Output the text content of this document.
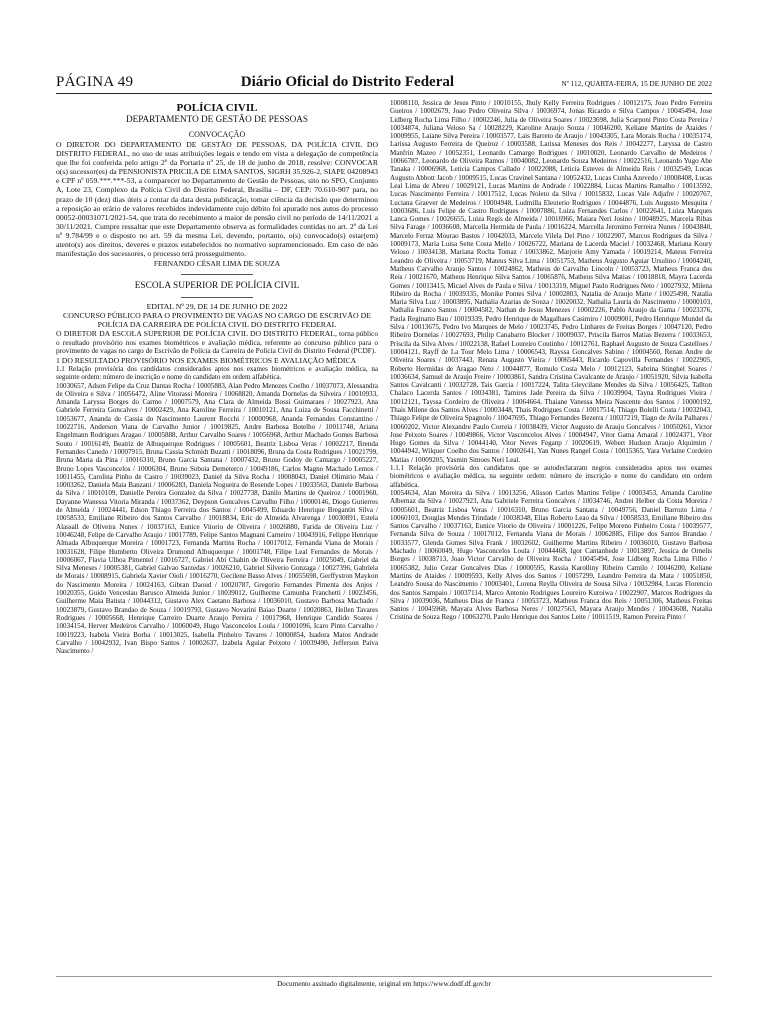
PÁGINA 49	Diário Oficial do Distrito Federal	Nº 112, QUARTA-FEIRA, 15 DE JUNHO DE 2022
POLÍCIA CIVIL
DEPARTAMENTO DE GESTÃO DE PESSOAS
CONVOCAÇÃO

O DIRETOR DO DEPARTAMENTO DE GESTÃO DE PESSOAS, DA POLÍCIA CIVIL DO DISTRITO FEDERAL, no uso de suas atribuições legais e tendo em vista a delegação de competência que lhe foi conferida pelo artigo 2º da Portaria nº 25, de 18 de junho de 2018, resolve: CONVOCAR o(s) sucessor(es) da PENSIONISTA PRICILA DE LIMA SANTOS, SIGRH 35.926-2, SIAPE 04208943 e CPF nº 059.***.***-53, a comparecer no Departamento de Gestão de Pessoas, sito no SPO, Conjunto A, Lote 23, Complexo da Polícia Civil do Distrito Federal, Brasília – DF, CEP: 70.610-907 para, no prazo de 10 (dez) dias úteis a contar da data desta publicação, tomar ciência da decisão que determinou a reposição ao erário de valores recebidos indevidamente cujo débito foi apurado nos autos do processo 00052-00031071/2021-54, que trata do recebimento a maior de pensão civil no período de 14/11/2021 a 30/11/2021. Cumpre ressaltar que este Departamento observa as formalidades contidas no art. 2º da Lei nº 9.784/99 e o disposto no art. 59 da mesma Lei, devendo, portanto, o(s) convocado(s) estar(em) atento(s) aos direitos, deveres e prazos estabelecidos no normativo supramencionado. Em caso de não manifestação dos sucessores, o processo terá prosseguimento.

FERNANDO CÉSAR LIMA DE SOUZA
ESCOLA SUPERIOR DE POLÍCIA CIVIL
EDITAL Nº 29, DE 14 DE JUNHO DE 2022
CONCURSO PÚBLICO PARA O PROVIMENTO DE VAGAS NO CARGO DE ESCRIVÃO DE POLÍCIA DA CARREIRA DE POLÍCIA CIVIL DO DISTRITO FEDERAL

O DIRETOR DA ESCOLA SUPERIOR DE POLÍCIA CIVIL DO DISTRITO FEDERAL, torna público o resultado provisório nos exames biométricos e avaliação médica, referente ao concurso público para o provimento de vagas no cargo de Escrivão de Polícia da Carreira de Polícia Civil do Distrito Federal (PCDF).

1 DO RESULTADO PROVISÓRIO NOS EXAMES BIOMÉTRICOS E AVALIAÇÃO MÉDICA

1.1 Relação provisória dos candidatos considerados aptos nos exames biométricos e avaliação médica, na seguinte ordem: número de inscrição e nome do candidato em ordem alfabética.

10030657, Adson Felipe da Cruz Dantas Rocha / 10005883, Alan Pedro Menezes Coelho / 10037073, Alessandra de Oliveira e Silva / 10056472, Aline Vitorassi Moreira / 10068820, Amanda Dornelas da Silveira / 10010933, Amanda Laryssa Borges do Carmo / 10007579, Ana Clara de Almeida Bossi Guimaraes / 10027923, Ana Gabriele Ferreira Goncalves / 10002429, Ana Karoline Ferreira / 10010121, Ana Luiza de Sousa Facchinetti / 10053677, Ananda de Cassia do Nascimento Laurent Rocchi / 10000968, Ananda Fernandes Constantino / 10022716, Anderson Viana de Carvalho Junior / 10019825, Andre Barbosa Botelho / 10011748, Ariana Engelmann Rodrigues Aragao / 10005888, Arthur Carvalho Soares / 10056968, Arthur Machado Gomes Barbosa Souto / 10016149, Beatriz de Albuquerque Rodrigues / 10005601, Beatriz Lisboa Veras / 10002217, Brenda Fernandes Canedo / 10007915, Bruna Cassia Schmidt Buzatti / 10018096, Bruna da Costa Rodrigues / 10021799, Bruna Maria da Pina / 10016310, Bruno Garcia Santana / 10007432, Bruno Godoy de Camargo / 10005227, Bruno Lopes Vasconcelos / 10006304, Bruno Soboia Demeterco / 10049186, Carlos Magno Machado Lemos / 10011455, Carolina Pinho de Castro / 10039023, Daniel da Silva Rocha / 10008043, Daniel Olimirio Maia / 10003262, Daniela Maia Banzani / 10006283, Daniela Nogueira de Resende Lopes / 10033563, Daniele Barbosa da Silva / 10010109, Danielle Pereira Gonzalez da Silva / 10027738, Danilo Martins de Queiroz / 10001960, Dayanne Wanessa Vitoria Miranda / 10037362, Deypson Goncalves Carvalho Filho / 10000146, Diogo Gutierres de Almeida / 10024441, Edson Thiago Ferreira dos Santos / 10045499, Eduardo Henrique Bregantin Silva / 10058533, Emiliane Ribeiro dos Santos Carvalho / 10018834, Eric de Almeida Alvarenga / 10030891, Estela Alassall de Oliveira Nunes / 10037163, Eunice Vitorio de Oliveira / 10026880, Farida de Oliveira Luz / 10046248, Felipe de Carvalho Araujo / 10017789, Felipe Santos Magnani Carneiro / 10043916, Felippe Henrique Almada Albuquerque Moreira / 10001723, Fernanda Martins Rocha / 10017012, Fernanda Viana de Morais / 10031628, Filipe Humberto Oliveira Drumond Albuquerque / 10001748, Filipe Leal Fernandes de Morais / 10006067, Flavia Ulhoa Pimentel / 10016727, Gabriel Abi Chahin de Oliveira Ferreira / 10025049, Gabriel da Silva Meneses / 10005381, Gabriel Galvao Sarzedas / 10026210, Gabriel Silverio Gonzaga / 10027396, Gabriela de Morais / 10008915, Gabriela Xavier Oioli / 10016270, Gecilene Basso Alves / 10055698, Gerffystron Maykon do Nascimento Moreira / 10024163, Gibran Daoud / 10020787, Gregorio Fernandes Pimenta dos Anjos / 10020355, Guido Venceslau Barusco Almeida Junior / 10039012, Guilherme Camunha Franchetti / 10023456, Guilherme Maia Batista / 10044312, Gustavo Alex Caetano Barbosa / 10036010, Gustavo Barbosa Machado / 10023879, Gustavo Brandao de Souza / 10019793, Gustavo Novarini Baiao Duarte / 10020863, Hellen Tavares Rodrigues / 10005668, Henrique Carreiro Duarte Araujo Pereira / 10017968, Henrique Candido Soares / 10034154, Herver Medeiros Carvalho / 10060049, Hugo Vasconcelos Loula / 10001096, Icaro Pinto Carvalho / 10019223, Isabela Vieira Borba / 10013025, Isabella Pinheiro Tavares / 10000854, Isadora Matos Andrade Carvalho / 10042932, Ivan Bispo Santos / 10002637, Izabela Aguiar Peixoto / 10039490, Jefferson Paiva Nascimento /

10008110, Jessica de Jesus Pinto / 10010155, Jhuly Kelly Ferreira Rodrigues / 10012175, Joao Pedro Ferreira Gueiros / 10002679, Joao Pedro Oliveira Silva / 10036974, Jonas Ricardo e Silva Campos / 10045494, Jose Lidberg Rocha Lima Filho / 10002246, Julia de Oliveira Soares / 10023698, Julia Scarponi Pinto Costa Pereira / 10034874, Juliana Veloso Sa / 10028229, Karoline Araujo Souza / 10046200, Keliane Martins de Ataides / 10009955, Laiane Silva Pereira / 10003577, Lais Barreto de Araujo / 10043305, Lara Morais Rocha / 10035174, Larissa Augusto Ferreira de Queiroz / 10003588, Larissa Meneses dos Reis / 10042277, Laryssa de Castro Manfrin Mazeo / 10052351, Leonardo Camargo Rodrigues / 10010020, Leonardo Carvalho de Medeiros / 10066787, Leonardo de Oliveira Ramos / 10040082, Leonardo Souza Medeiros / 10022516, Leonardo Yugo Abe Tanaka / 10006968, Leticia Campos Callado / 10022088, Leticia Esteves de Almeida Reis / 10032549, Lucas Augusto Abbott Jacob / 10009515, Lucas Cravinel Santana / 10052432, Lucas Cunha Azevedo / 10008408, Lucas Leal Lima de Abreu / 10029121, Lucas Martins de Andrade / 10022884, Lucas Martins Ramalho / 10013592, Lucas Nascimento Ferreira / 10017512, Lucas Noleto da Silva / 10015832, Lucas Vale Adjafre / 10020767, Luciana Graever de Medeiros / 10004948, Ludmilla Eleuterio Rodrigues / 10044876, Luis Augusto Mesquita / 10003686, Luis Felipe de Castro Rodrigues / 10007886, Luiza Fernandes Carlos / 10022641, Luiza Marques Lanca Gomes / 10026655, Luiza Regis de Almeida / 10016966, Maiara Neri Josino / 10048925, Marcela Ribas Silva Farage / 10036608, Marcella Hermida de Paula / 10016224, Marcella Jeronimo Ferreira Nunes / 10043840, Marcelo Ferraz Mourao Bastos / 10042033, Marcelo Vilela Del Pino / 10022907, Marcos Rodrigues da Silva / 10009173, Maria Luisa Sette Costa Mello / 10026722, Mariana de Lacerda Maciel / 10032468, Mariana Koury Veloso / 10034138, Mariana Rocha Tomaz / 10033862, Marjorie Amy Yamada / 10019214, Mateus Ferreira Leandro de Oliveira / 10053719, Mateus Silva Lima / 10051753, Matheus Augusto Aguiar Ursulino / 10004240, Matheus Carvalho Araujo Santos / 10024862, Matheus de Carvalho Lincoln / 10053723, Matheus Franca dos Reis / 10021670, Matheus Henrique Silva Santos / 10065876, Matheus Silva Matias / 10018818, Mayra Lacerda Gomes / 10013415, Micael Alves de Paula e Silva / 10013319, Miguel Paulo Rodrigues Neto / 10027932, Milena Ribeiro da Rocha / 10039335, Monike Pontes Silva / 10002803, Natalia de Araujo Matte / 10025498, Natalia Maria Silva Luz / 10003895, Nathalia Azarias de Souza / 10020032, Nathalia Lauria do Nascimento / 10000103, Nathalia Franco Santos / 10004582, Nathan de Jesus Menezes / 10002226, Pablo Araujo da Gama / 10023376, Paula Reginatto Bau / 10019339, Pedro Henrique de Magalhaes Casimiro / 10009001, Pedro Henrique Mundel da Silva / 10013675, Pedro Ivo Marques de Melo / 10023745, Pedro Linhares de Freitas Borges / 10047120, Pedro Ribeiro Dornelas / 10027693, Philip Canabarro Blocker / 10009037, Priscila Barros Matias Bezerra / 10033653, Priscila da Silva Alves / 10022138, Rafael Loureiro Coutinho / 10012761, Raphael Augusto de Souza Castelloes / 10004121, Rayff de La Tour Melo Lima / 10006543, Rayssa Goncalves Sabino / 10004560, Renan Andre de Oliveira Soares / 10037443, Renata Augusto Vieira / 10065443, Ricardo Capovilla Fernandes / 10022905, Roberto Hermidas de Aragao Neto / 10044877, Romulo Costa Melo / 10012123, Sabrina Stinghel Soares / 10036634, Samuel de Araujo Freire / 10003861, Sandra Cristina Cavalcante de Araujo / 10051920, Silvia Isabella Santos Cavalcanti / 10032728, Tais Garcia / 10017224, Talita Gleycilane Mendes da Silva / 10056425, Tallton Chalaco Lacerda Santos / 10034381, Tamires Jade Pereira da Silva / 10039904, Tayna Rodrigues Vieira / 10012121, Tayssa Cordeiro de Oliveira / 10064664, Thaiane Vanessa Meira Nascente dos Santos / 10000192, Thais Milene dos Santos Alves / 10003448, Thais Rodrigues Costa / 10017514, Thiago Bolelli Costa / 10032043, Thiago Felipe de Oliveira Spagnolo / 10047695, Thiago Fernandes Bezerra / 10037219, Tiago de Avila Palhares / 10060202, Victor Alexandre Paulo Correia / 10038439, Victor Augusto de Araujo Goncalves / 10050261, Victor Jose Peixoto Soares / 10049866, Victor Vasconcelos Alves / 10004947, Vitor Gama Amaral / 10024371, Vitor Hugo Gomes da Silva / 10044140, Vitor Neves Feganp / 10020619, Webert Hudson Araujo Alquimim / 10044942, Wilquer Coelho dos Santos / 10002641, Yan Nunes Rangel Costa / 10015365, Yara Verlaine Cordeiro Matias / 10009205, Yasmin Simoes Neri Leal.

1.1.1 Relação provisória dos candidatos que se autodeclararam negros considerados aptos nos exames biométricos e avaliação médica, na seguinte ordem: número de inscrição e nome do candidato em ordem alfabética.

10054634, Alan Moreira da Silva / 10013256, Alisson Carlos Martins Felipe / 10003453, Amanda Caroline Albernaz da Silva / 10027923, Ana Gabriele Ferreira Goncalves / 10034746, Andrei Helber da Costa Moreira / 10005601, Beatriz Lisboa Veras / 10016310, Bruno Garcia Santana / 10049756, Daniel Barrozo Lima / 10060103, Douglas Mendes Trindade / 10038348, Elias Roberto Leao da Silva / 10058533, Emiliane Ribeiro dos Santos Carvalho / 10037163, Eunice Vitorio de Oliveira / 10001226, Felipe Moreno Pinheiro Costa / 10039577, Fernanda Silva de Souza / 10017012, Fernanda Viana de Morais / 10062885, Filipe dos Santos Brandao / 10033577, Glenda Gomes Silva Frank / 10032602, Guilherme Martins Ribeiro / 10036010, Gustavo Barbosa Machado / 10060049, Hugo Vasconcelos Loula / 10044468, Igor Cantanhede / 10013897, Jessica de Ornelis Borges / 10038713, Joao Victor Carvalho de Oliveira Rocha / 10045494, Jose Lidberg Rocha Lima Filho / 10065382, Julio Cezar Goncalves Dias / 10000595, Kassia Karolliny Ribeiro Camilo / 10046200, Keliane Martins de Ataides / 10009593, Kelly Alves dos Santos / 10057299, Leandro Ferreira da Mata / 10051850, Leandro Sousa do Nascimento / 10003401, Lorena Reylla Oliveira de Sousa Silva / 10032984, Lucas Florencio dos Santos Sampaio / 10037114, Marco Antonio Rodrigues Loureiro Kuroiwa / 10022907, Marcos Rodrigues da Silva / 10039036, Matheus Dias de Franca / 10053723, Matheus Franca dos Reis / 10051306, Matheus Freitas Santos / 10045968, Mayara Alves Barbosa Neres / 10027563, Mayara Araujo Mendes / 10043608, Natalia Cristina de Souza Rego / 10063270, Paulo Henrique dos Santos Leite / 10011519, Ramon Pereira Pinto /

Documento assinado digitalmente, original em https://www.dodf.df.gov.br
